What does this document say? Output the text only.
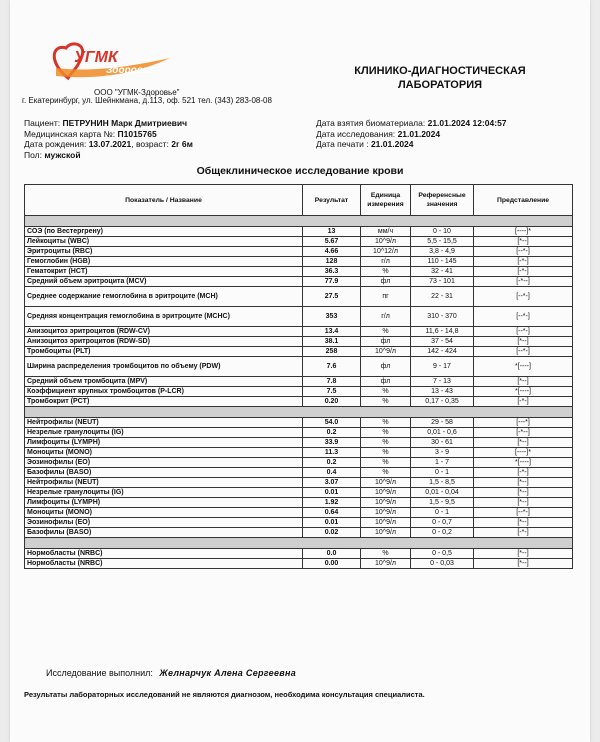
УГМК
Здоровье
ООО "УГМК-Здоровье"
г. Екатеринбург, ул. Шейнкмана, д.113, оф. 521 тел. (343) 283-08-08
КЛИНИКО-ДИАГНОСТИЧЕСКАЯ
ЛАБОРАТОРИЯ
Пациент: ПЕТРУНИН Марк Дмитриевич
Медицинская карта №: П1015765
Дата рождения: 13.07.2021, возраст: 2г 6м
Пол: мужской
Дата взятия биоматериала: 21.01.2024 12:04:57
Дата исследования: 21.01.2024
Дата печати : 21.01.2024
Общеклиническое исследование крови
Показатель / Название	Результат	Единица измерения	Референсные значения	Представление

СОЭ (по Вестергрену)	13	мм/ч	0 - 10	[----]*
Лейкоциты (WBC)	5.67	10^9/л	5,5 - 15,5	[*--]
Эритроциты (RBC)	4.66	10^12/л	3,8 - 4,9	[--*-]
Гемоглобин (HGB)	128	г/л	110 - 145	[-*-]
Гематокрит (HCT)	36.3	%	32 - 41	[-*-]
Средний объем эритроцита (MCV)	77.9	фл	73 - 101	[-*--]
Среднее содержание гемоглобина в эритроците (MCH)	27.5	пг	22 - 31	[--*-]
Средняя концентрация гемоглобина в эритроците (MCHC)	353	г/л	310 - 370	[--*-]
Анизоцитоз эритроцитов (RDW-CV)	13.4	%	11,6 - 14,8	[--*-]
Анизоцитоз эритроцитов (RDW-SD)	38.1	фл	37 - 54	[*--]
Тромбоциты (PLT)	258	10^9/л	142 - 424	[--*-]
Ширина распределения тромбоцитов по объему (PDW)	7.6	фл	9 - 17	*[----]
Средний объем тромбоцита (MPV)	7.8	фл	7 - 13	[*--]
Коэффициент крупных тромбоцитов (P-LCR)	7.5	%	13 - 43	*[----]
Тромбокрит (PCT)	0.20	%	0,17 - 0,35	[-*-]

Нейтрофилы (NEUT)	54.0	%	29 - 58	[---*]
Незрелые гранулоциты (IG)	0.2	%	0,01 - 0,6	[-*--]
Лимфоциты (LYMPH)	33.9	%	30 - 61	[*--]
Моноциты (MONO)	11.3	%	3 - 9	[----]*
Эозинофилы (EO)	0.2	%	1 - 7	*[----]
Базофилы (BASO)	0.4	%	0 - 1	[-*-]
Нейтрофилы (NEUT)	3.07	10^9/л	1,5 - 8,5	[*--]
Незрелые гранулоциты (IG)	0.01	10^9/л	0,01 - 0,04	[*--]
Лимфоциты (LYMPH)	1.92	10^9/л	1,5 - 9,5	[*--]
Моноциты (MONO)	0.64	10^9/л	0 - 1	[--*-]
Эозинофилы (EO)	0.01	10^9/л	0 - 0,7	[*--]
Базофилы (BASO)	0.02	10^9/л	0 - 0,2	[-*-]

Нормобласты (NRBC)	0.0	%	0 - 0,5	[*--]
Нормобласты (NRBC)	0.00	10^9/л	0 - 0,03	[*--]
Исследование выполнил: Желнарчук Алена Сергеевна
Результаты лабораторных исследований не являются диагнозом, необходима консультация специалиста.
